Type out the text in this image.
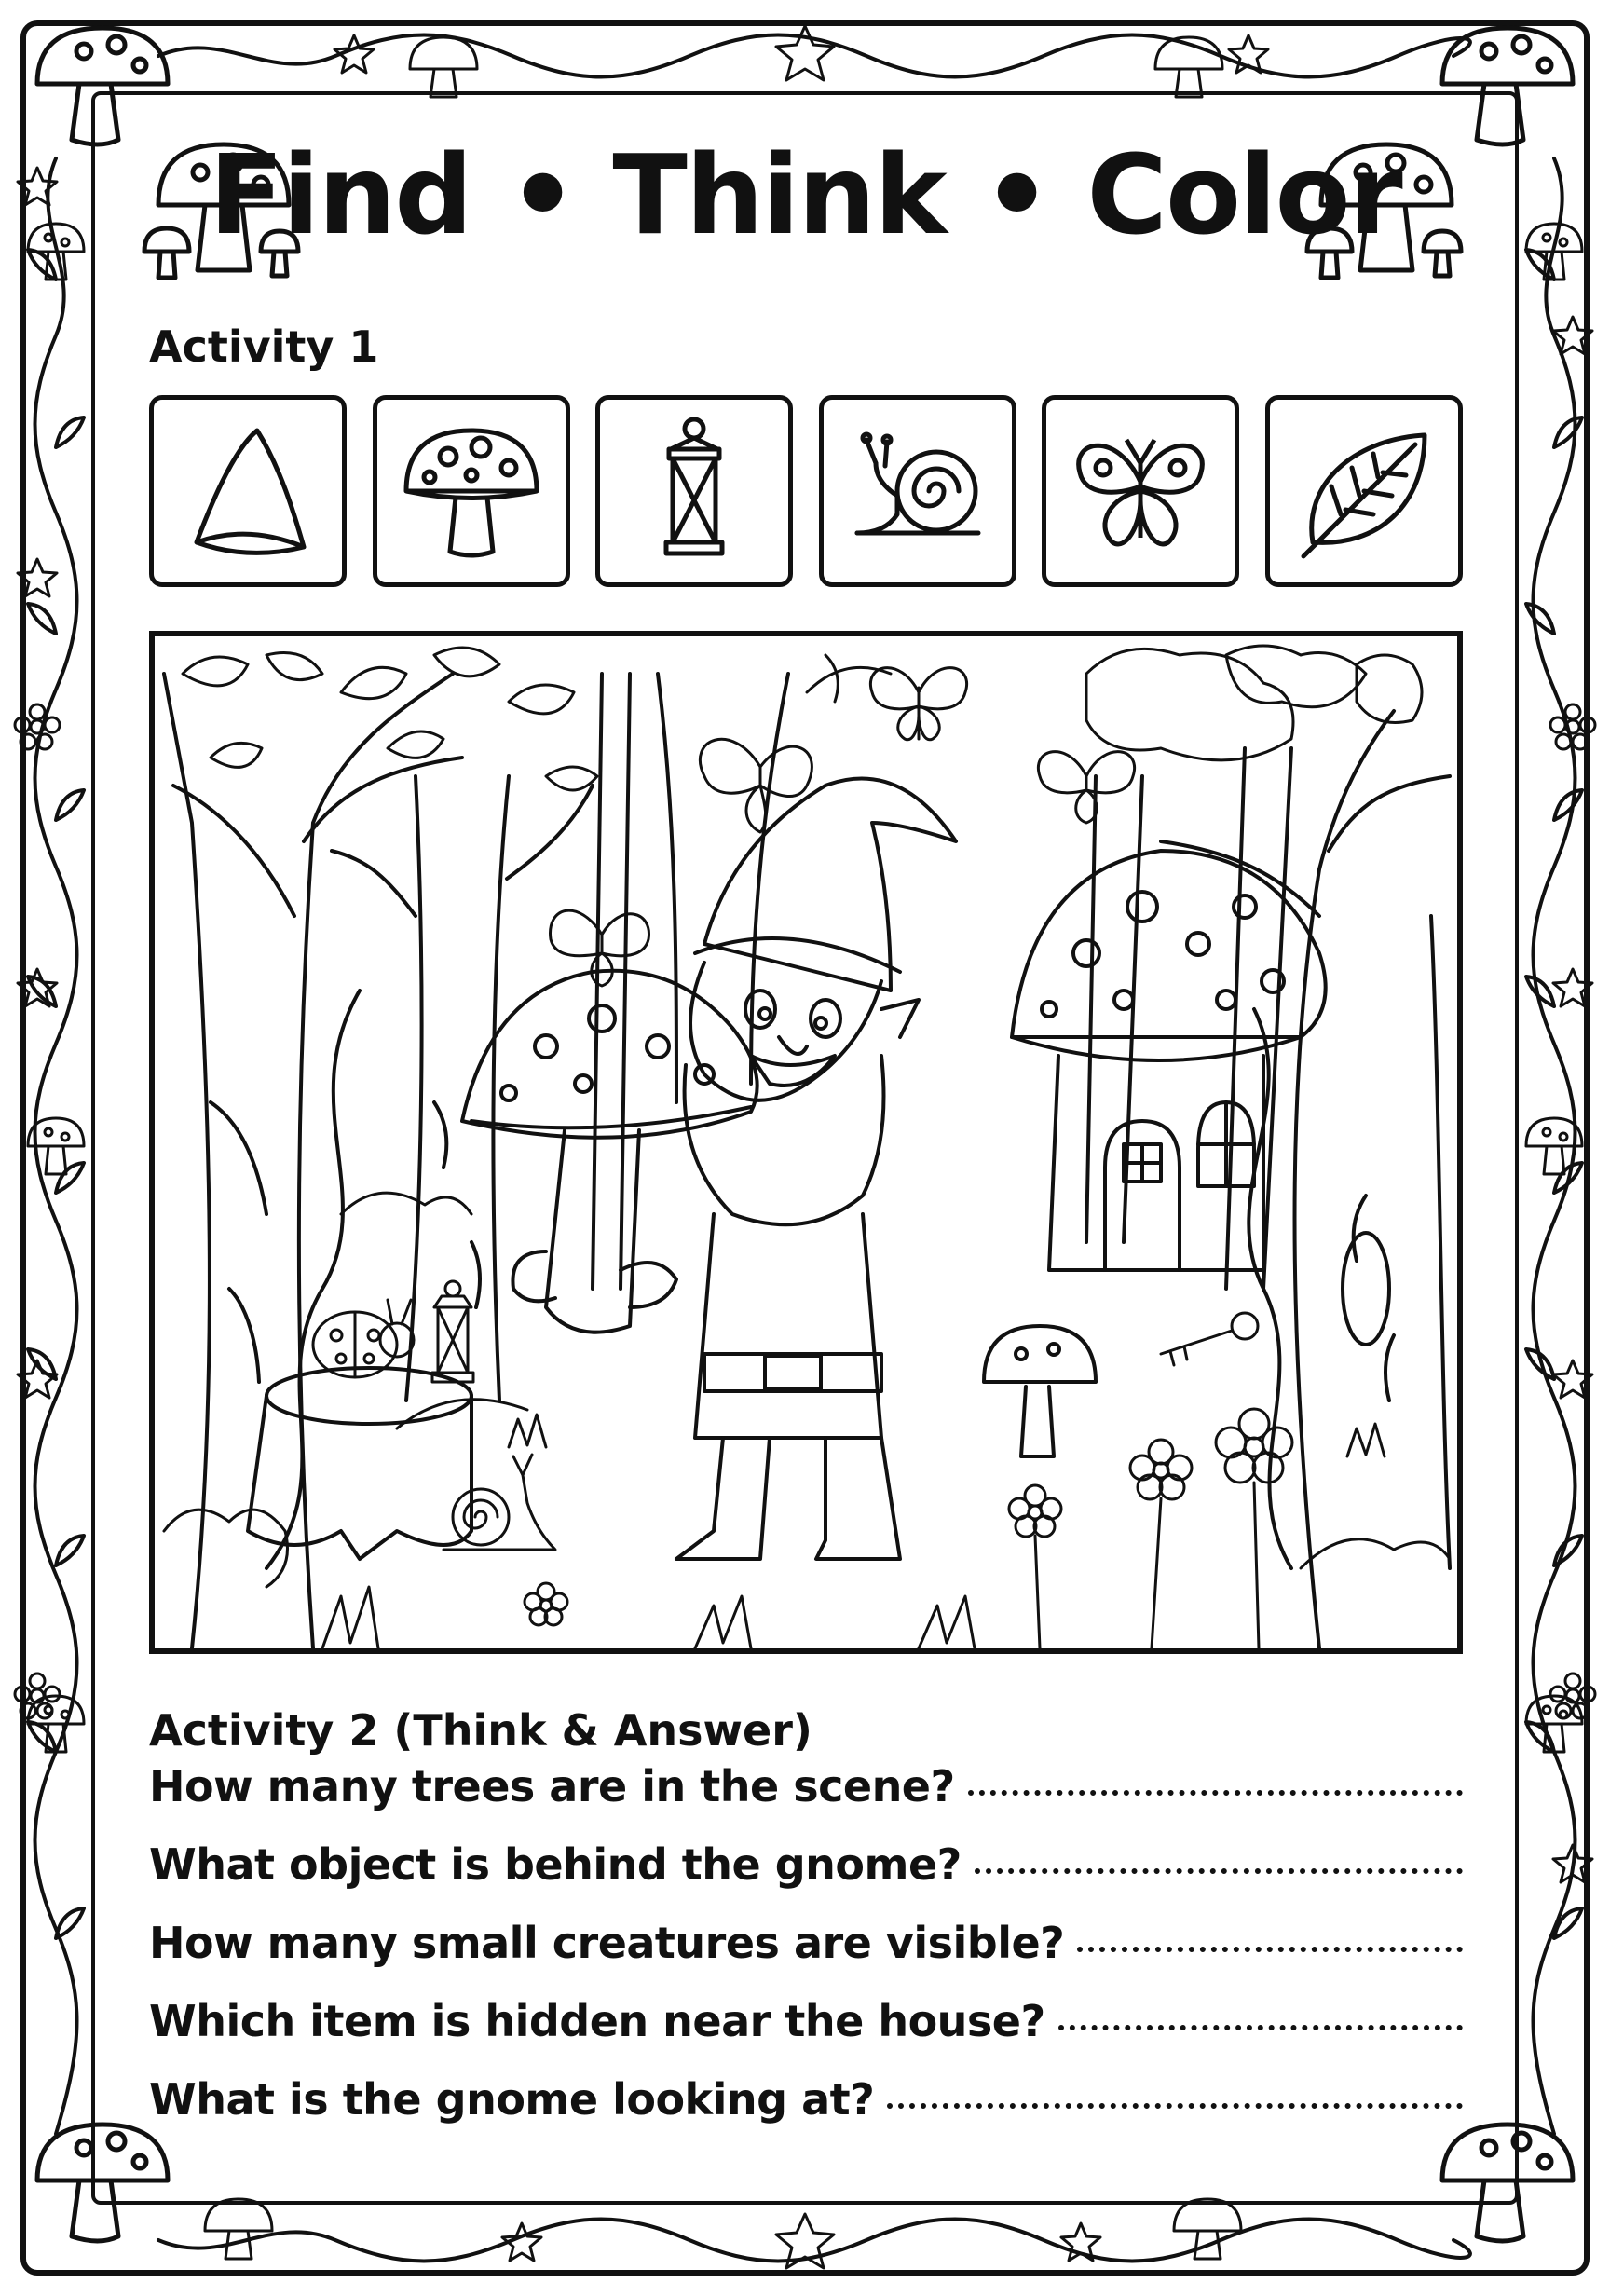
Find • Think • Color
Activity 1
Activity 2 (Think & Answer)
How many trees are in the scene?
What object is behind the gnome?
How many small creatures are visible?
Which item is hidden near the house?
What is the gnome looking at?
